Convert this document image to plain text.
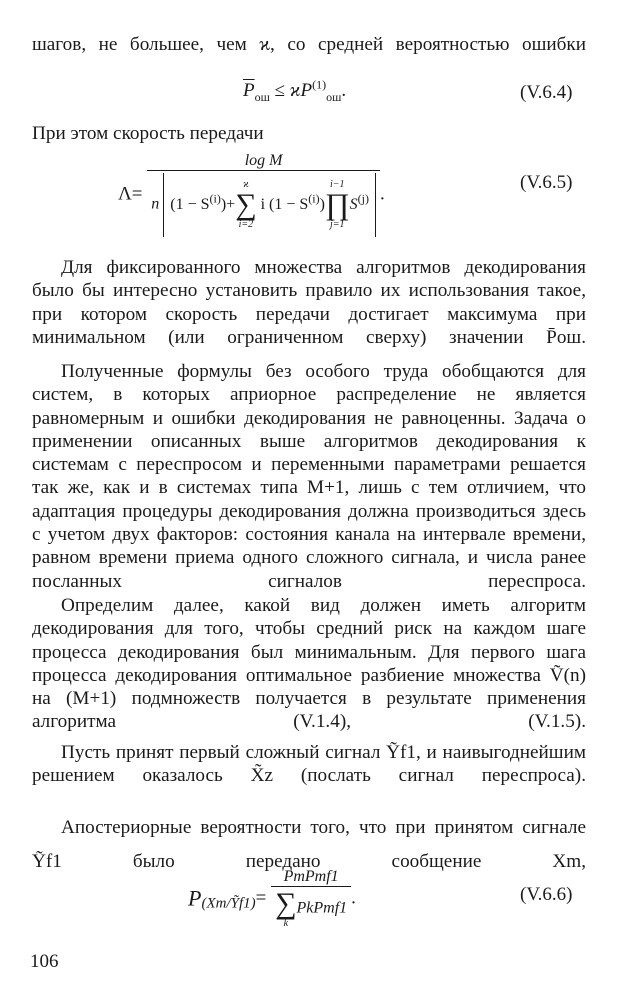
шагов, не большее, чем ϰ, со средней вероятностью ошибки

$\overline{P}_{ош} \le ϰP^{(1)}_{ош}$.	(V.6.4)

При этом скорость передачи

Λ= log M
n $(1 - S^{(i)})+$
ϰ
∑
i=2
i $(1 - S^{(i)})$
i−1
∏
j=1
$S^{(j)}$ .
(V.6.5)

Для фиксированного множества алгоритмов декодирования было бы интересно установить правило их использования такое, при котором скорость передачи достигает максимума при минимальном (или ограниченном сверху) значении P̄ош.

Полученные формулы без особого труда обобщаются для систем, в которых априорное распределение не является равномерным и ошибки декодирования не равноценны. Задача о применении описанных выше алгоритмов декодирования к системам с переспросом и переменными параметрами решается так же, как и в системах типа M+1, лишь с тем отличием, что адаптация процедуры декодирования должна производиться здесь с учетом двух факторов: состояния канала на интервале времени, равном времени приема одного сложного сигнала, и числа ранее посланных сигналов переспроса.

Определим далее, какой вид должен иметь алгоритм декодирования для того, чтобы средний риск на каждом шаге процесса декодирования был минимальным. Для первого шага процесса декодирования оптимальное разбиение множества Ṽ(n) на (M+1) подмножеств получается в результате применения алгоритма (V.1.4), (V.1.5).

Пусть принят первый сложный сигнал Ỹf1, и наивыгоднейшим решением оказалось X̃z (послать сигнал переспроса).

Апостериорные вероятности того, что при принятом сигнале Ỹf1 было передано сообщение Xm,

$P_{(Xm/Ỹf1)}=$ PmPmf1
∑
k
PkPmf1 .	(V.6.6)
106
